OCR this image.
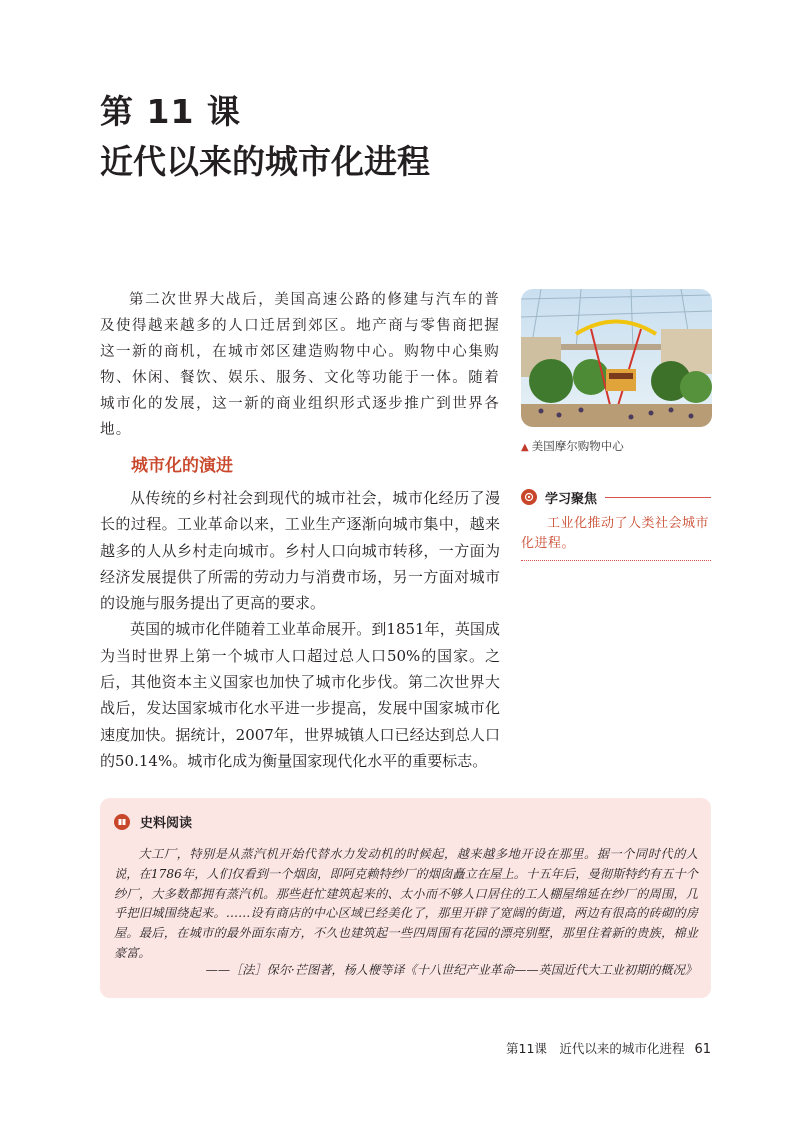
第 11 课
近代以来的城市化进程

第二次世界大战后，美国高速公路的修建与汽车的普及使得越来越多的人口迁居到郊区。地产商与零售商把握这一新的商机，在城市郊区建造购物中心。购物中心集购物、休闲、餐饮、娱乐、服务、文化等功能于一体。随着城市化的发展，这一新的商业组织形式逐步推广到世界各地。

▲ 美国摩尔购物中心
城市化的演进

从传统的乡村社会到现代的城市社会，城市化经历了漫长的过程。工业革命以来，工业生产逐渐向城市集中，越来越多的人从乡村走向城市。乡村人口向城市转移，一方面为经济发展提供了所需的劳动力与消费市场，另一方面对城市的设施与服务提出了更高的要求。

英国的城市化伴随着工业革命展开。到1851年，英国成为当时世界上第一个城市人口超过总人口50%的国家。之后，其他资本主义国家也加快了城市化步伐。第二次世界大战后，发达国家城市化水平进一步提高，发展中国家城市化速度加快。据统计，2007年，世界城镇人口已经达到总人口的50.14%。城市化成为衡量国家现代化水平的重要标志。

学习聚焦
工业化推动了人类社会城市化进程。
史料阅读

大工厂，特别是从蒸汽机开始代替水力发动机的时候起，越来越多地开设在那里。据一个同时代的人说，在1786年，人们仅看到一个烟囱，即阿克赖特纱厂的烟囱矗立在屋上。十五年后，曼彻斯特约有五十个纱厂，大多数都拥有蒸汽机。那些赶忙建筑起来的、太小而不够人口居住的工人棚屋绵延在纱厂的周围，几乎把旧城围绕起来。……设有商店的中心区域已经美化了，那里开辟了宽阔的街道，两边有很高的砖砌的房屋。最后，在城市的最外面东南方，不久也建筑起一些四周围有花园的漂亮别墅，那里住着新的贵族，棉业豪富。

——［法］保尔·芒图著，杨人楩等译《十八世纪产业革命——英国近代大工业初期的概况》
第11课　近代以来的城市化进程 61
